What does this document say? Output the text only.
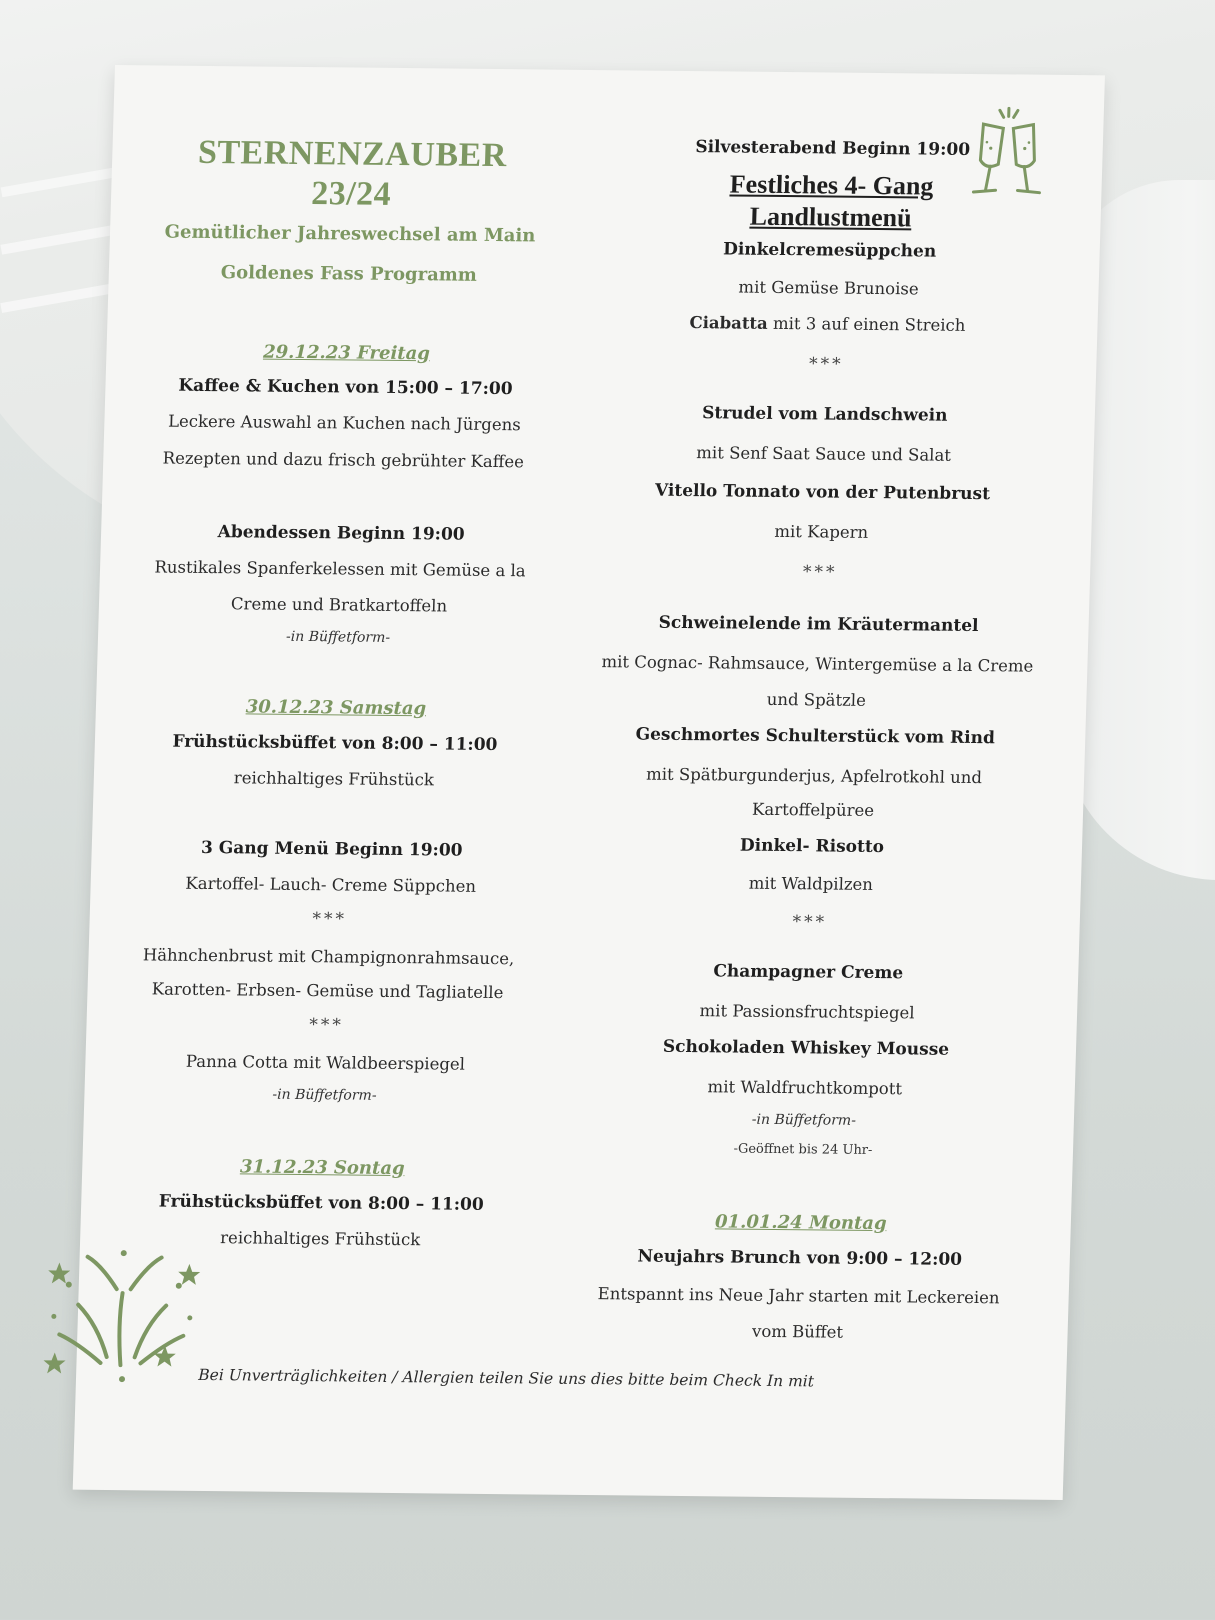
STERNENZAUBER
23/24
Gemütlicher Jahreswechsel am Main
Goldenes Fass Programm
29.12.23 Freitag
Kaffee & Kuchen von 15:00 – 17:00
Leckere Auswahl an Kuchen nach Jürgens
Rezepten und dazu frisch gebrühter Kaffee
Abendessen Beginn 19:00
Rustikales Spanferkelessen mit Gemüse a la
Creme und Bratkartoffeln
-in Büffetform-
30.12.23 Samstag
Frühstücksbüffet von 8:00 – 11:00
reichhaltiges Frühstück
3 Gang Menü Beginn 19:00
Kartoffel- Lauch- Creme Süppchen
***
Hähnchenbrust mit Champignonrahmsauce,
Karotten- Erbsen- Gemüse und Tagliatelle
***
Panna Cotta mit Waldbeerspiegel
-in Büffetform-
31.12.23 Sontag
Frühstücksbüffet von 8:00 – 11:00
reichhaltiges Frühstück
Silvesterabend Beginn 19:00
Festliches 4- Gang
Landlustmenü
Dinkelcremesüppchen
mit Gemüse Brunoise
Ciabatta mit 3 auf einen Streich
***
Strudel vom Landschwein
mit Senf Saat Sauce und Salat
Vitello Tonnato von der Putenbrust
mit Kapern
***
Schweinelende im Kräutermantel
mit Cognac- Rahmsauce, Wintergemüse a la Creme
und Spätzle
Geschmortes Schulterstück vom Rind
mit Spätburgunderjus, Apfelrotkohl und
Kartoffelpüree
Dinkel- Risotto
mit Waldpilzen
***
Champagner Creme
mit Passionsfruchtspiegel
Schokoladen Whiskey Mousse
mit Waldfruchtkompott
-in Büffetform-
-Geöffnet bis 24 Uhr-
01.01.24 Montag
Neujahrs Brunch von 9:00 – 12:00
Entspannt ins Neue Jahr starten mit Leckereien
vom Büffet
Bei Unverträglichkeiten / Allergien teilen Sie uns dies bitte beim Check In mit
